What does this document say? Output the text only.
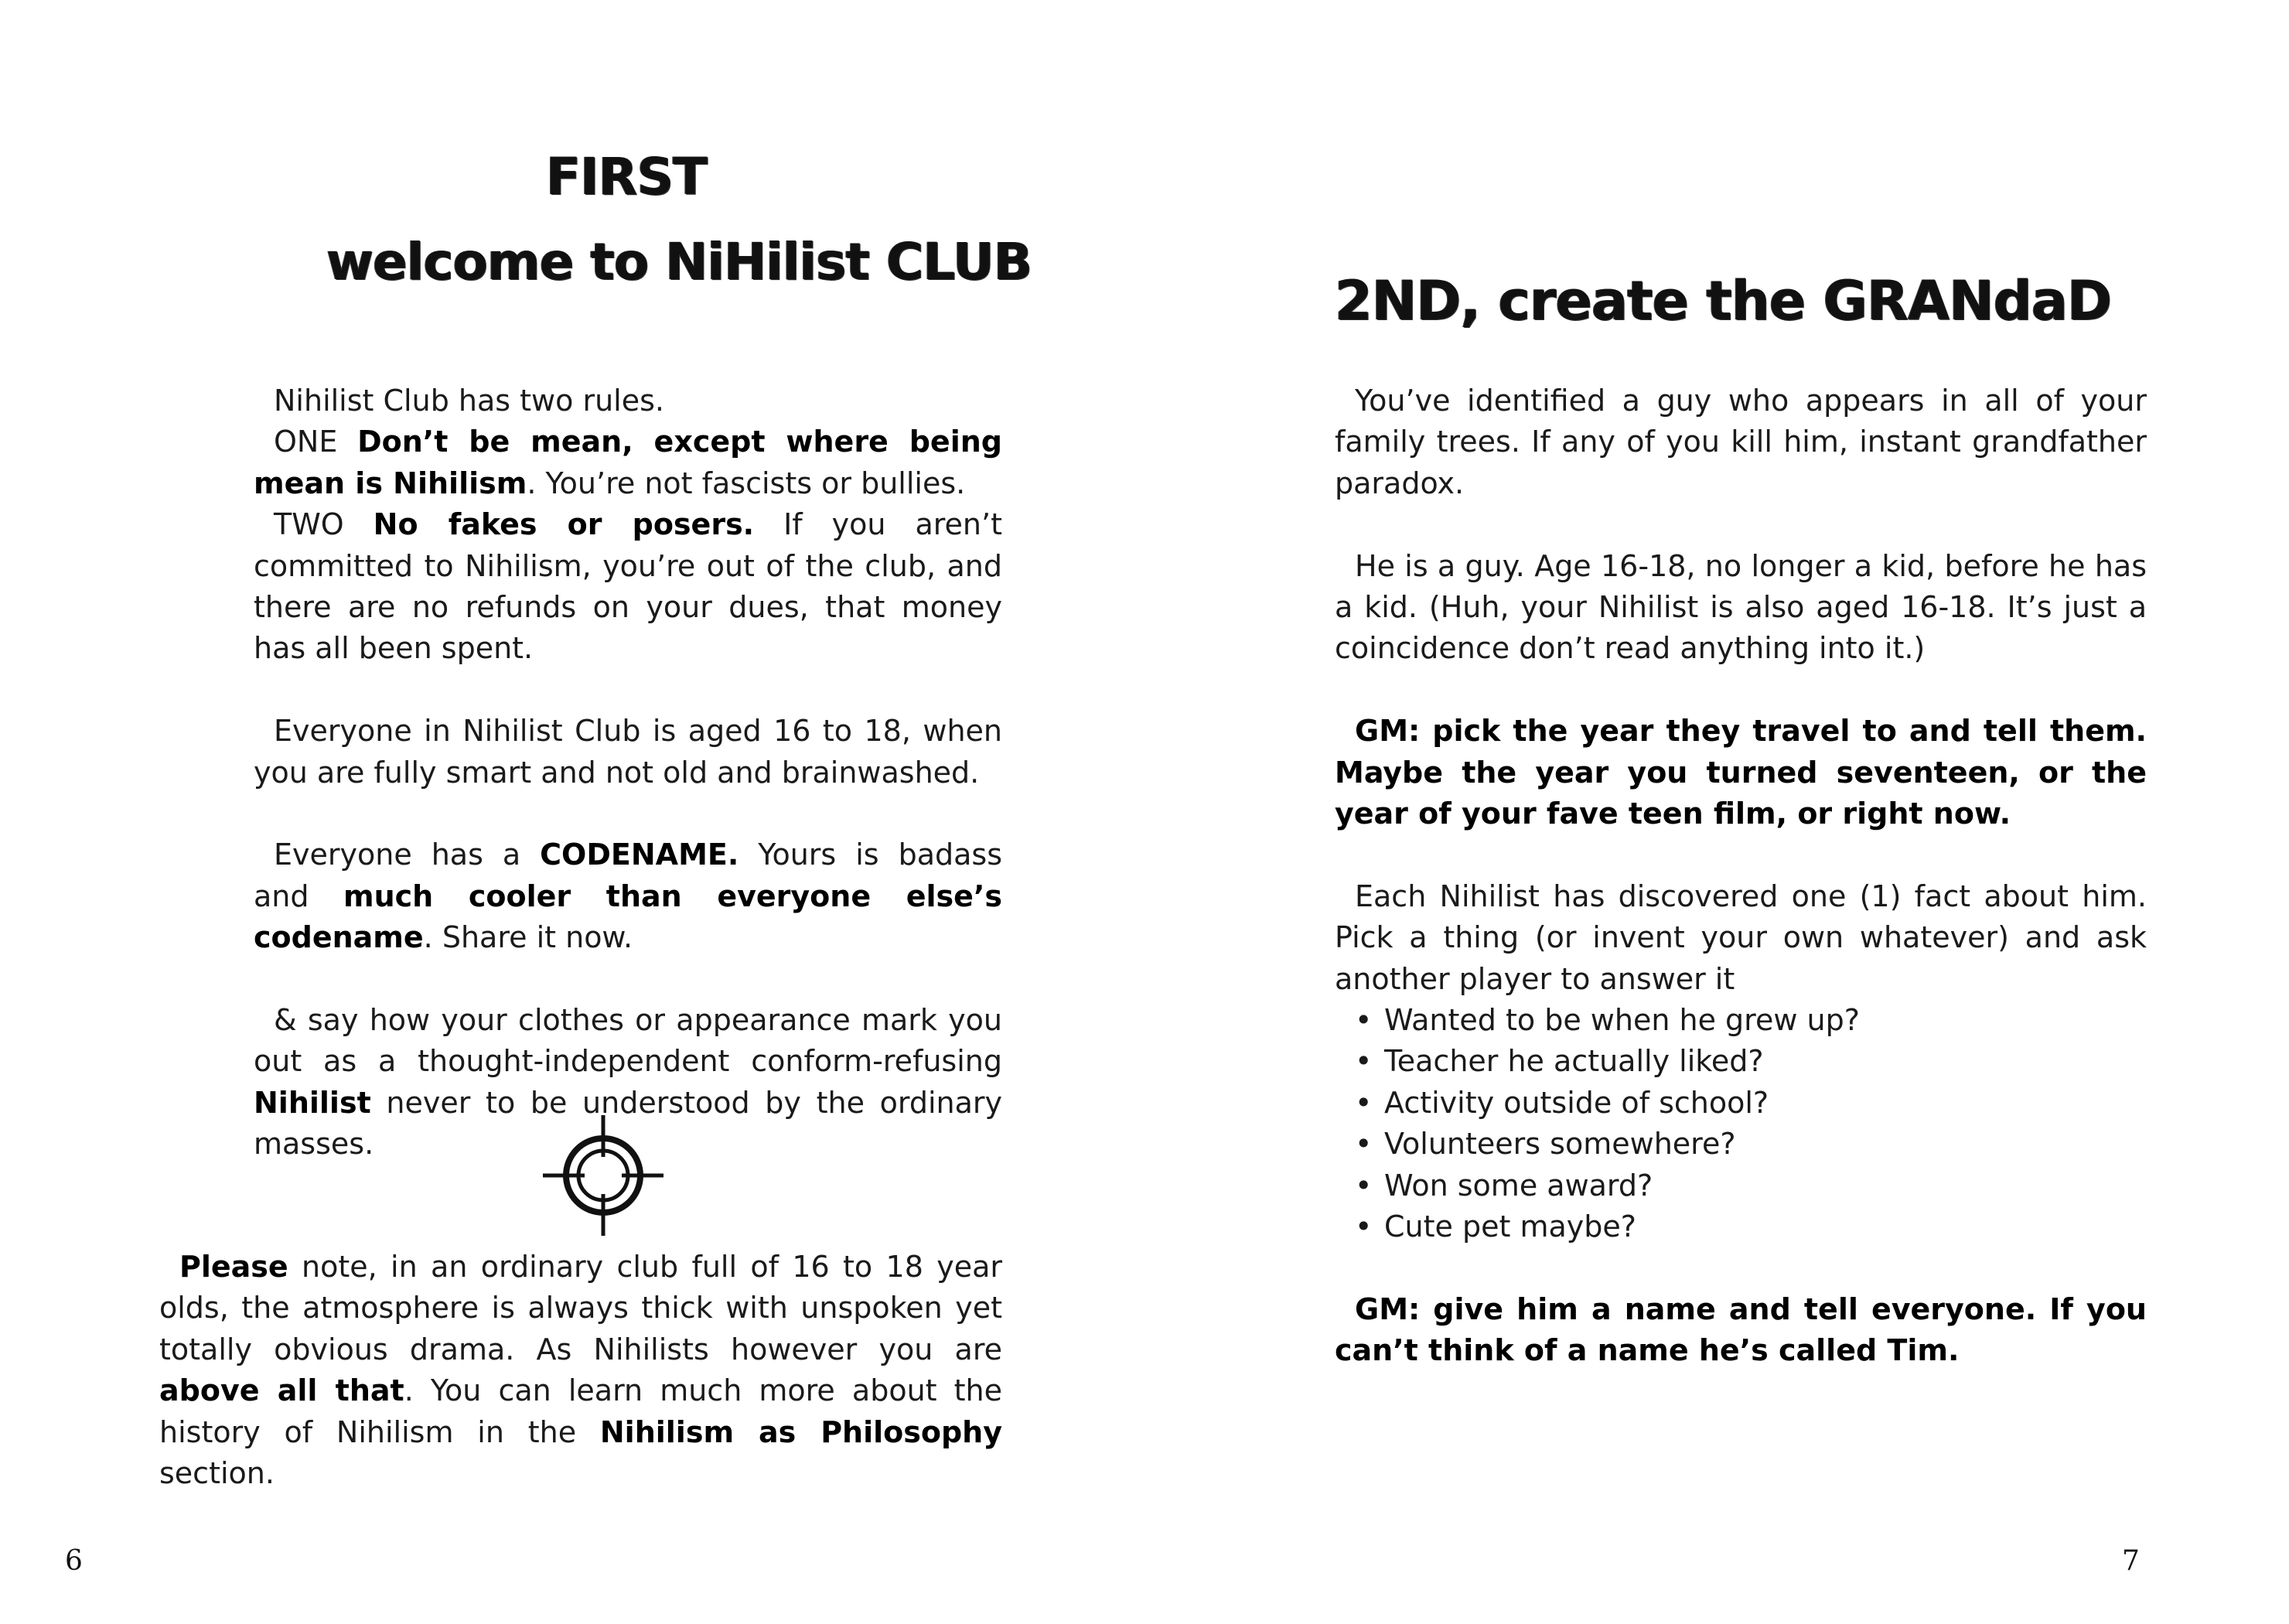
FIRST
welcome to NiHilist CLUB

Nihilist Club has two rules.

ONE Don’t be mean, except where being mean is Nihilism. You’re not fascists or bullies.

TWO No fakes or posers. If you aren’t committed to Nihilism, you’re out of the club, and there are no refunds on your dues, that money has all been spent.

Everyone in Nihilist Club is aged 16 to 18, when you are fully smart and not old and brainwashed.

Everyone has a CODENAME. Yours is badass and much cooler than everyone else’s codename. Share it now.

& say how your clothes or appearance mark you out as a thought-independent conform-refusing Nihilist never to be understood by the ordinary masses.

Please note, in an ordinary club full of 16 to 18 year olds, the atmosphere is always thick with unspoken yet totally obvious drama. As Nihilists however you are above all that. You can learn much more about the history of Nihilism in the Nihilism as Philosophy section.

6
2ND, create the GRANdaD

You’ve identified a guy who appears in all of your family trees. If any of you kill him, instant grandfather paradox.

He is a guy. Age 16-18, no longer a kid, before he has a kid. (Huh, your Nihilist is also aged 16-18. It’s just a coincidence don’t read anything into it.)

GM: pick the year they travel to and tell them. Maybe the year you turned seventeen, or the year of your fave teen film, or right now.

Each Nihilist has discovered one (1) fact about him. Pick a thing (or invent your own whatever) and ask another player to answer it

• Wanted to be when he grew up?
• Teacher he actually liked?
• Activity outside of school?
• Volunteers somewhere?
• Won some award?
• Cute pet maybe?

GM: give him a name and tell everyone. If you can’t think of a name he’s called Tim.

7
